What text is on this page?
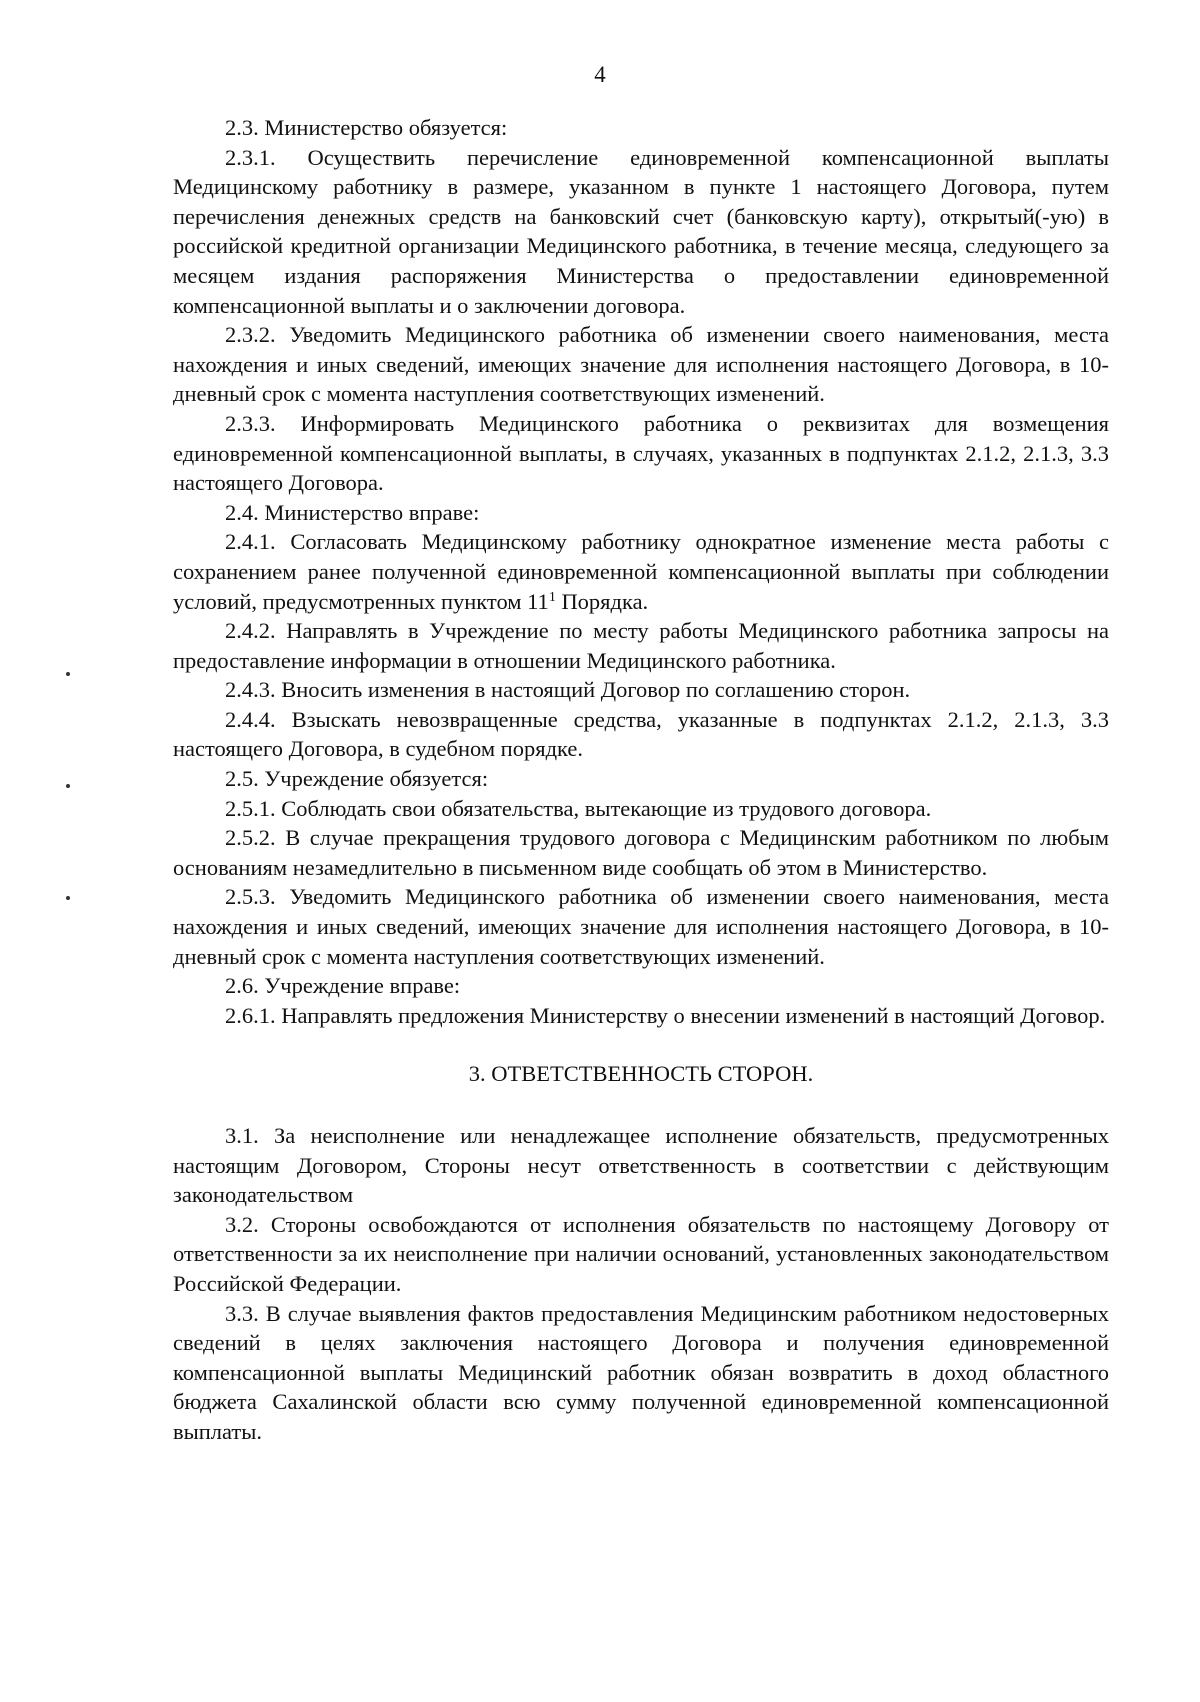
4

2.3. Министерство обязуется:

2.3.1. Осуществить перечисление единовременной компенсационной выплаты Медицинскому работнику в размере, указанном в пункте 1 настоящего Договора, путем перечисления денежных средств на банковский счет (банковскую карту), открытый(-ую) в российской кредитной организации Медицинского работника, в течение месяца, следующего за месяцем издания распоряжения Министерства о предоставлении единовременной компенсационной выплаты и о заключении договора.

2.3.2. Уведомить Медицинского работника об изменении своего наименования, места нахождения и иных сведений, имеющих значение для исполнения настоящего Договора, в 10-дневный срок с момента наступления соответствующих изменений.

2.3.3. Информировать Медицинского работника о реквизитах для возмещения единовременной компенсационной выплаты, в случаях, указанных в подпунктах 2.1.2, 2.1.3, 3.3 настоящего Договора.

2.4. Министерство вправе:

2.4.1. Согласовать Медицинскому работнику однократное изменение места работы с сохранением ранее полученной единовременной компенсационной выплаты при соблюдении условий, предусмотренных пунктом $11^1$ Порядка.

2.4.2. Направлять в Учреждение по месту работы Медицинского работника запросы на предоставление информации в отношении Медицинского работника.

2.4.3. Вносить изменения в настоящий Договор по соглашению сторон.

2.4.4. Взыскать невозвращенные средства, указанные в подпунктах 2.1.2, 2.1.3, 3.3 настоящего Договора, в судебном порядке.

2.5. Учреждение обязуется:

2.5.1. Соблюдать свои обязательства, вытекающие из трудового договора.

2.5.2. В случае прекращения трудового договора с Медицинским работником по любым основаниям незамедлительно в письменном виде сообщать об этом в Министерство.

2.5.3. Уведомить Медицинского работника об изменении своего наименования, места нахождения и иных сведений, имеющих значение для исполнения настоящего Договора, в 10-дневный срок с момента наступления соответствующих изменений.

2.6. Учреждение вправе:

2.6.1. Направлять предложения Министерству о внесении изменений в настоящий Договор.

3. ОТВЕТСТВЕННОСТЬ СТОРОН.

3.1. За неисполнение или ненадлежащее исполнение обязательств, предусмотренных настоящим Договором, Стороны несут ответственность в соответствии с действующим законодательством

3.2. Стороны освобождаются от исполнения обязательств по настоящему Договору от ответственности за их неисполнение при наличии оснований, установленных законодательством Российской Федерации.

3.3. В случае выявления фактов предоставления Медицинским работником недостоверных сведений в целях заключения настоящего Договора и получения единовременной компенсационной выплаты Медицинский работник обязан возвратить в доход областного бюджета Сахалинской области всю сумму полученной единовременной компенсационной выплаты.
